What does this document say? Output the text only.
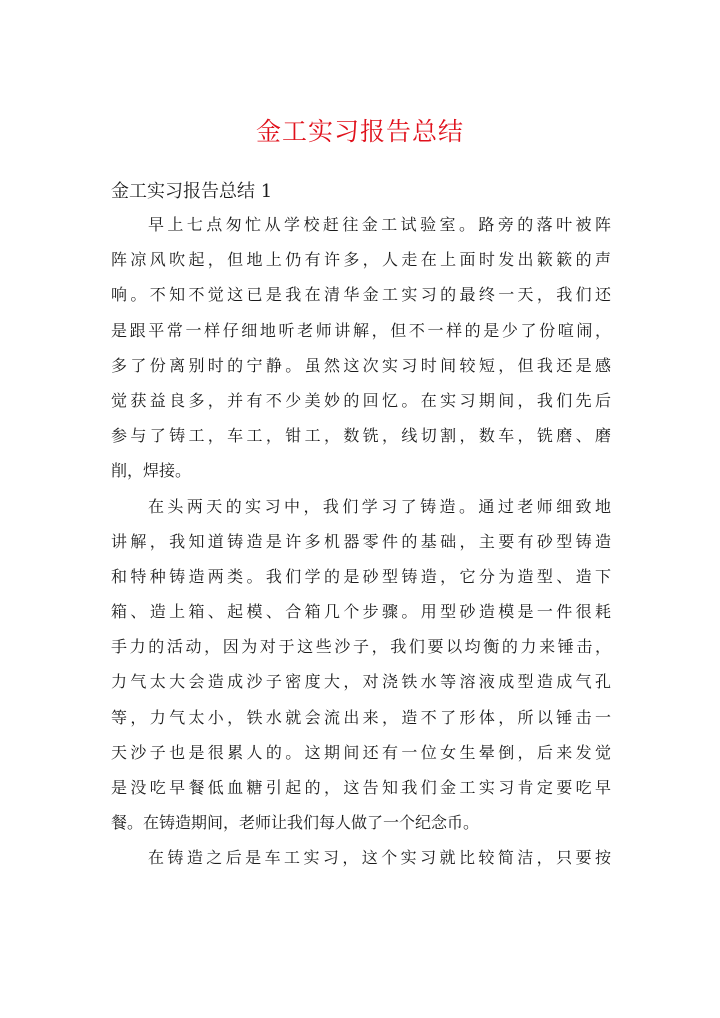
金工实习报告总结
金工实习报告总结 1
早上七点匆忙从学校赶往金工试验室。路旁的落叶被阵
阵凉风吹起，但地上仍有许多，人走在上面时发出簌簌的声
响。不知不觉这已是我在清华金工实习的最终一天，我们还
是跟平常一样仔细地听老师讲解，但不一样的是少了份喧闹，
多了份离别时的宁静。虽然这次实习时间较短，但我还是感
觉获益良多，并有不少美妙的回忆。在实习期间，我们先后
参与了铸工，车工，钳工，数铣，线切割，数车，铣磨、磨
削，焊接。
在头两天的实习中，我们学习了铸造。通过老师细致地
讲解，我知道铸造是许多机器零件的基础，主要有砂型铸造
和特种铸造两类。我们学的是砂型铸造，它分为造型、造下
箱、造上箱、起模、合箱几个步骤。用型砂造模是一件很耗
手力的活动，因为对于这些沙子，我们要以均衡的力来锤击，
力气太大会造成沙子密度大，对浇铁水等溶液成型造成气孔
等，力气太小，铁水就会流出来，造不了形体，所以锤击一
天沙子也是很累人的。这期间还有一位女生晕倒，后来发觉
是没吃早餐低血糖引起的，这告知我们金工实习肯定要吃早
餐。在铸造期间，老师让我们每人做了一个纪念币。
在铸造之后是车工实习，这个实习就比较简洁，只要按
